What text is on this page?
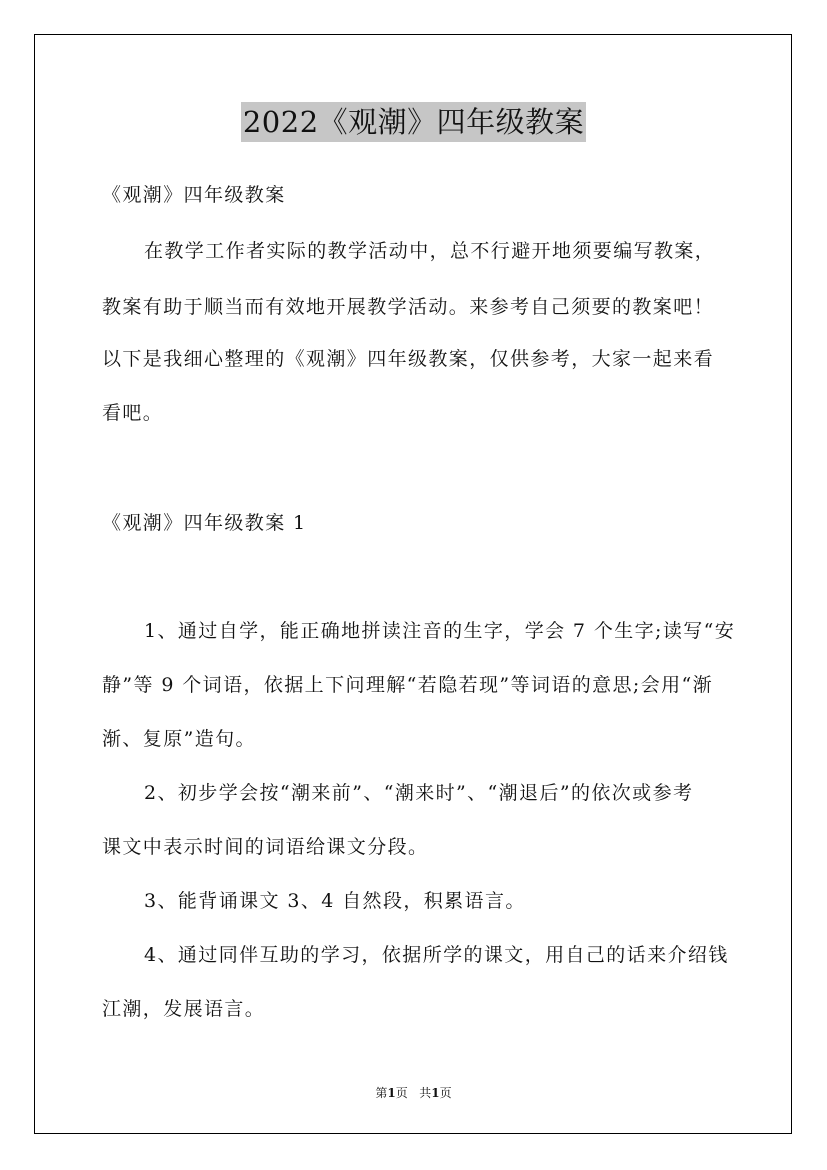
2022《观潮》四年级教案
《观潮》四年级教案
在教学工作者实际的教学活动中，总不行避开地须要编写教案，
教案有助于顺当而有效地开展教学活动。来参考自己须要的教案吧！
以下是我细心整理的《观潮》四年级教案，仅供参考，大家一起来看
看吧。
《观潮》四年级教案 1
1、通过自学，能正确地拼读注音的生字，学会 7 个生字;读写“安
静”等 9 个词语，依据上下问理解“若隐若现”等词语的意思;会用“渐
渐、复原”造句。
2、初步学会按“潮来前”、“潮来时”、“潮退后”的依次或参考
课文中表示时间的词语给课文分段。
3、能背诵课文 3、4 自然段，积累语言。
4、通过同伴互助的学习，依据所学的课文，用自己的话来介绍钱
江潮，发展语言。
第1页   共1页
